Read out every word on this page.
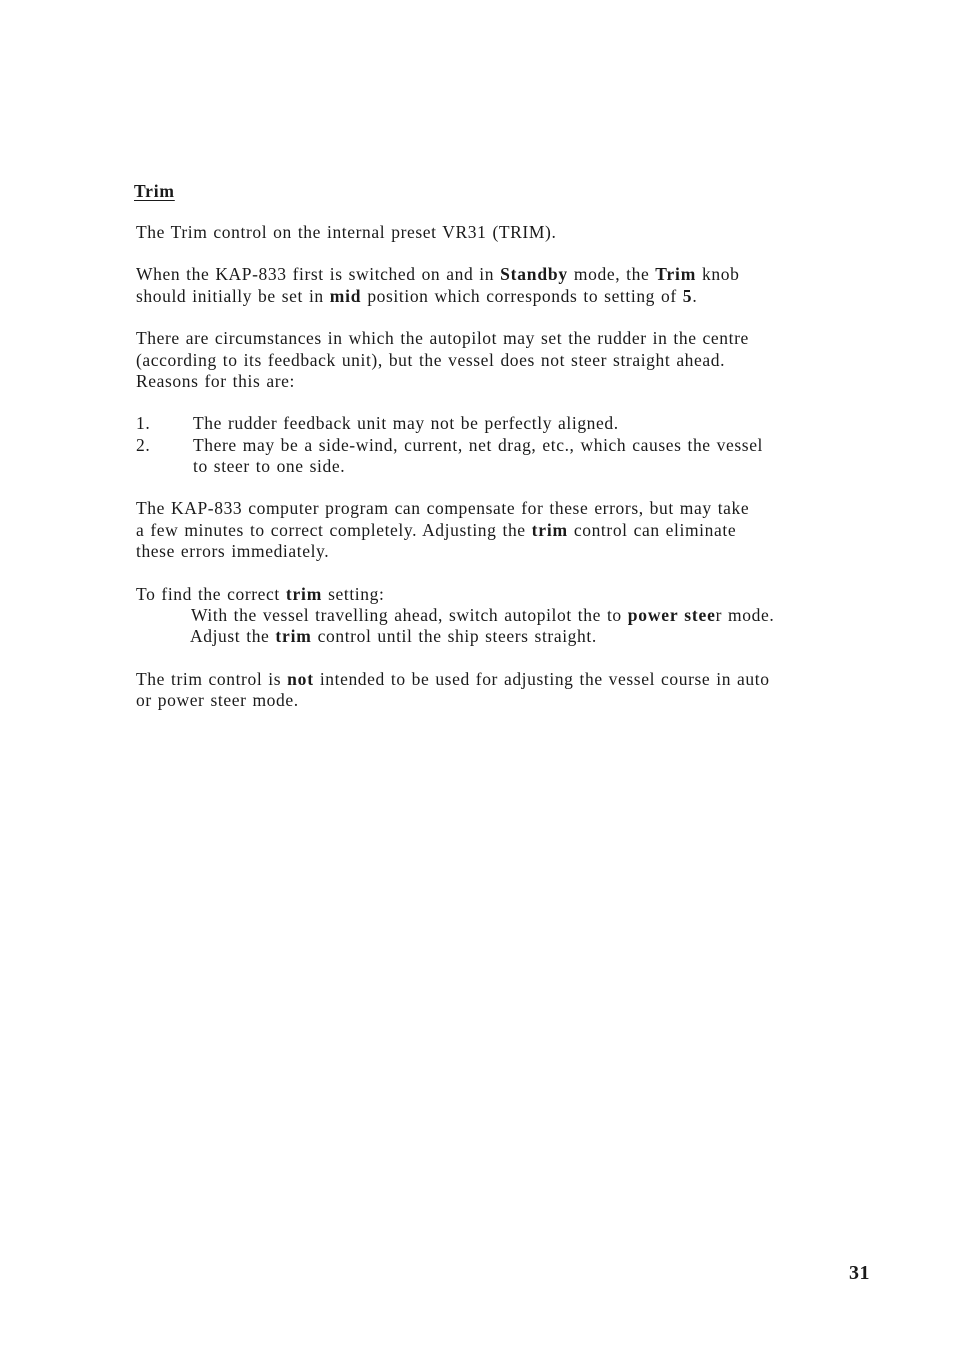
Trim
The Trim control on the internal preset VR31 (TRIM).
When the KAP-833 first is switched on and in Standby mode, the Trim knob
should initially be set in mid position which corresponds to setting of 5.
There are circumstances in which the autopilot may set the rudder in the centre
(according to its feedback unit), but the vessel does not steer straight ahead.
Reasons for this are:
1. The rudder feedback unit may not be perfectly aligned.
2. There may be a side-wind, current, net drag, etc., which causes the vessel
to steer to one side.
The KAP-833 computer program can compensate for these errors, but may take
a few minutes to correct completely. Adjusting the trim control can eliminate
these errors immediately.
To find the correct trim setting:
With the vessel travelling ahead, switch autopilot the to power steer mode.
Adjust the trim control until the ship steers straight.
The trim control is not intended to be used for adjusting the vessel course in auto
or power steer mode.
31
